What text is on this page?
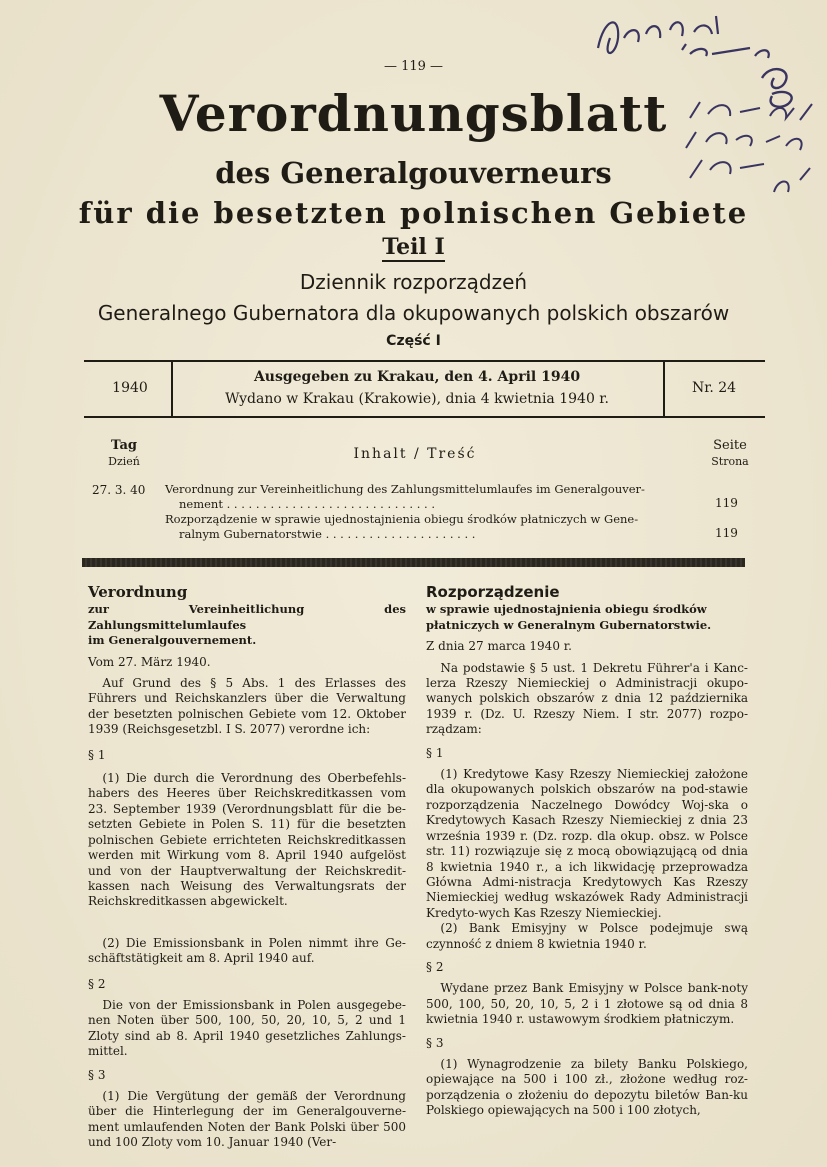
— 119 —
Verordnungsblatt
des Generalgouverneurs
für die besetzten polnischen Gebiete
Teil I
Dziennik rozporządzeń
Generalnego Gubernatora dla okupowanych polskich obszarów
Część I
1940
Ausgegeben zu Krakau, den 4. April 1940
Wydano w Krakau (Krakowie), dnia 4 kwietnia 1940 r.
Nr. 24
Tag
Dzień	Inhalt / Treść
Seite
Strona
27. 3. 40 Verordnung zur Vereinheitlichung des Zahlungsmittelumlaufes im Generalgouver-
nement . . . . . . . . . . . . . . . . . . . . . . . . . . . . .	119
Rozporządzenie w sprawie ujednostajnienia obiegu środków płatniczych w Gene-
ralnym Gubernatorstwie . . . . . . . . . . . . . . . . . . . . .	119

Verordnung

zur Vereinheitlichung des Zahlungsmittelumlaufes

im Generalgouvernement.

Vom 27. März 1940.

Auf Grund des § 5 Abs. 1 des Erlasses des Führers und Reichskanzlers über die Verwaltung der besetzten polnischen Gebiete vom 12. Oktober 1939 (Reichsgesetzbl. I S. 2077) verordne ich:

§ 1

(1) Die durch die Verordnung des Oberbefehls-habers des Heeres über Reichskreditkassen vom 23. September 1939 (Verordnungsblatt für die be-setzten Gebiete in Polen S. 11) für die besetzten polnischen Gebiete errichteten Reichskreditkassen werden mit Wirkung vom 8. April 1940 aufgelöst und von der Hauptverwaltung der Reichskredit-kassen nach Weisung des Verwaltungsrats der Reichskreditkassen abgewickelt.

(2) Die Emissionsbank in Polen nimmt ihre Ge-schäftstätigkeit am 8. April 1940 auf.

§ 2

Die von der Emissionsbank in Polen ausgegebe-nen Noten über 500, 100, 50, 20, 10, 5, 2 und 1 Zloty sind ab 8. April 1940 gesetzliches Zahlungs-mittel.

§ 3

(1) Die Vergütung der gemäß der Verordnung über die Hinterlegung der im Generalgouverne-ment umlaufenden Noten der Bank Polski über 500 und 100 Zloty vom 10. Januar 1940 (Ver-

Rozporządzenie

w sprawie ujednostajnienia obiegu środków

płatniczych w Generalnym Gubernatorstwie.

Z dnia 27 marca 1940 r.

Na podstawie § 5 ust. 1 Dekretu Führer'a i Kanc-lerza Rzeszy Niemieckiej o Administracji okupo-wanych polskich obszarów z dnia 12 października 1939 r. (Dz. U. Rzeszy Niem. I str. 2077) rozpo-rządzam:

§ 1

(1) Kredytowe Kasy Rzeszy Niemieckiej założone dla okupowanych polskich obszarów na pod-stawie rozporządzenia Naczelnego Dowódcy Woj-ska o Kredytowych Kasach Rzeszy Niemieckiej z dnia 23 września 1939 r. (Dz. rozp. dla okup. obsz. w Polsce str. 11) rozwiązuje się z mocą obowiązującą od dnia 8 kwietnia 1940 r., a ich likwidację przeprowadza Główna Admi-nistracja Kredytowych Kas Rzeszy Niemieckiej według wskazówek Rady Administracji Kredyto-wych Kas Rzeszy Niemieckiej.

(2) Bank Emisyjny w Polsce podejmuje swą czynność z dniem 8 kwietnia 1940 r.

§ 2

Wydane przez Bank Emisyjny w Polsce bank-noty 500, 100, 50, 20, 10, 5, 2 i 1 złotowe są od dnia 8 kwietnia 1940 r. ustawowym środkiem płatniczym.

§ 3

(1) Wynagrodzenie za bilety Banku Polskiego, opiewające na 500 i 100 zł., złożone według roz-porządzenia o złożeniu do depozytu biletów Ban-ku Polskiego opiewających na 500 i 100 złotych,
